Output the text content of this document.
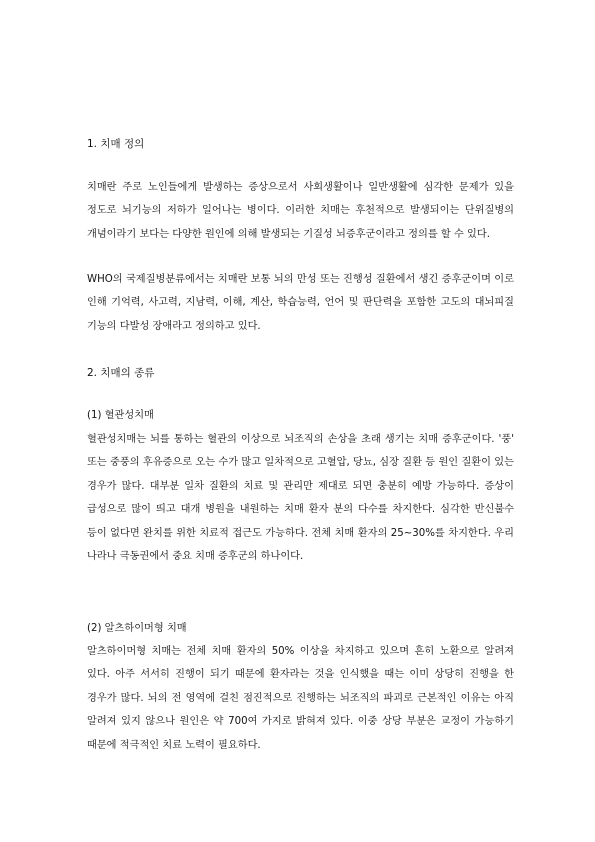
1. 치매 정의

치매란 주로 노인들에게 발생하는 증상으로서 사회생활이나 일반생활에 심각한 문제가 있을 정도로 뇌기능의 저하가 일어나는 병이다. 이러한 치매는 후천적으로 발생되이는 단위질병의 개념이라기 보다는 다양한 원인에 의해 발생되는 기질성 뇌증후군이라고 정의를 할 수 있다.

WHO의 국제질병분류에서는 치매란 보통 뇌의 만성 또는 진행성 질환에서 생긴 증후군이며 이로 인해 기억력, 사고력, 지남력, 이해, 계산, 학습능력, 언어 및 판단력을 포함한 고도의 대뇌피질 기능의 다발성 장애라고 정의하고 있다.

2. 치매의 종류

(1) 혈관성치매

혈관성치매는 뇌를 통하는 혈관의 이상으로 뇌조직의 손상을 초래 생기는 치매 증후군이다. '풍' 또는 중풍의 후유증으로 오는 수가 많고 일차적으로 고혈압, 당뇨, 심장 질환 등 원인 질환이 있는 경우가 많다. 대부분 일차 질환의 치료 및 관리만 제대로 되면 충분히 예방 가능하다. 증상이 급성으로 많이 띄고 대개 병원을 내원하는 치매 환자 분의 다수를 차지한다. 심각한 반신불수 등이 없다면 완치를 위한 치료적 접근도 가능하다. 전체 치매 환자의 25~30%를 차지한다. 우리 나라나 극동권에서 중요 치매 증후군의 하나이다.

(2) 알츠하이머형 치매

알츠하이머형 치매는 전체 치매 환자의 50% 이상을 차지하고 있으며 흔히 노환으로 알려져 있다. 아주 서서히 진행이 되기 때문에 환자라는 것을 인식했을 때는 이미 상당히 진행을 한 경우가 많다. 뇌의 전 영역에 걸친 점진적으로 진행하는 뇌조직의 파괴로 근본적인 이유는 아직 알려져 있지 않으나 원인은 약 700여 가지로 밝혀져 있다. 이중 상당 부분은 교정이 가능하기 때문에 적극적인 치료 노력이 필요하다.
